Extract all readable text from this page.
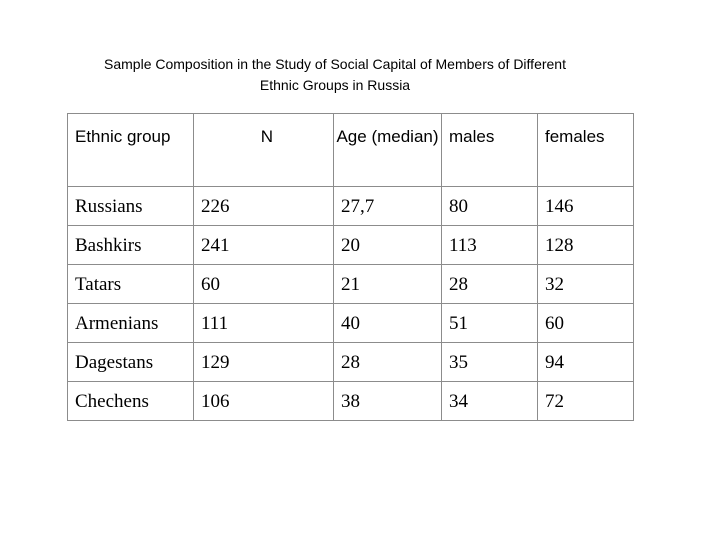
Sample Composition in the Study of Social Capital of Members of Different
Ethnic Groups in Russia
Ethnic group	N	Age (median)	males	females
Russians	226	27,7	80	146
Bashkirs	241	20	113	128
Tatars	60	21	28	32
Armenians	111	40	51	60
Dagestans	129	28	35	94
Chechens	106	38	34	72
